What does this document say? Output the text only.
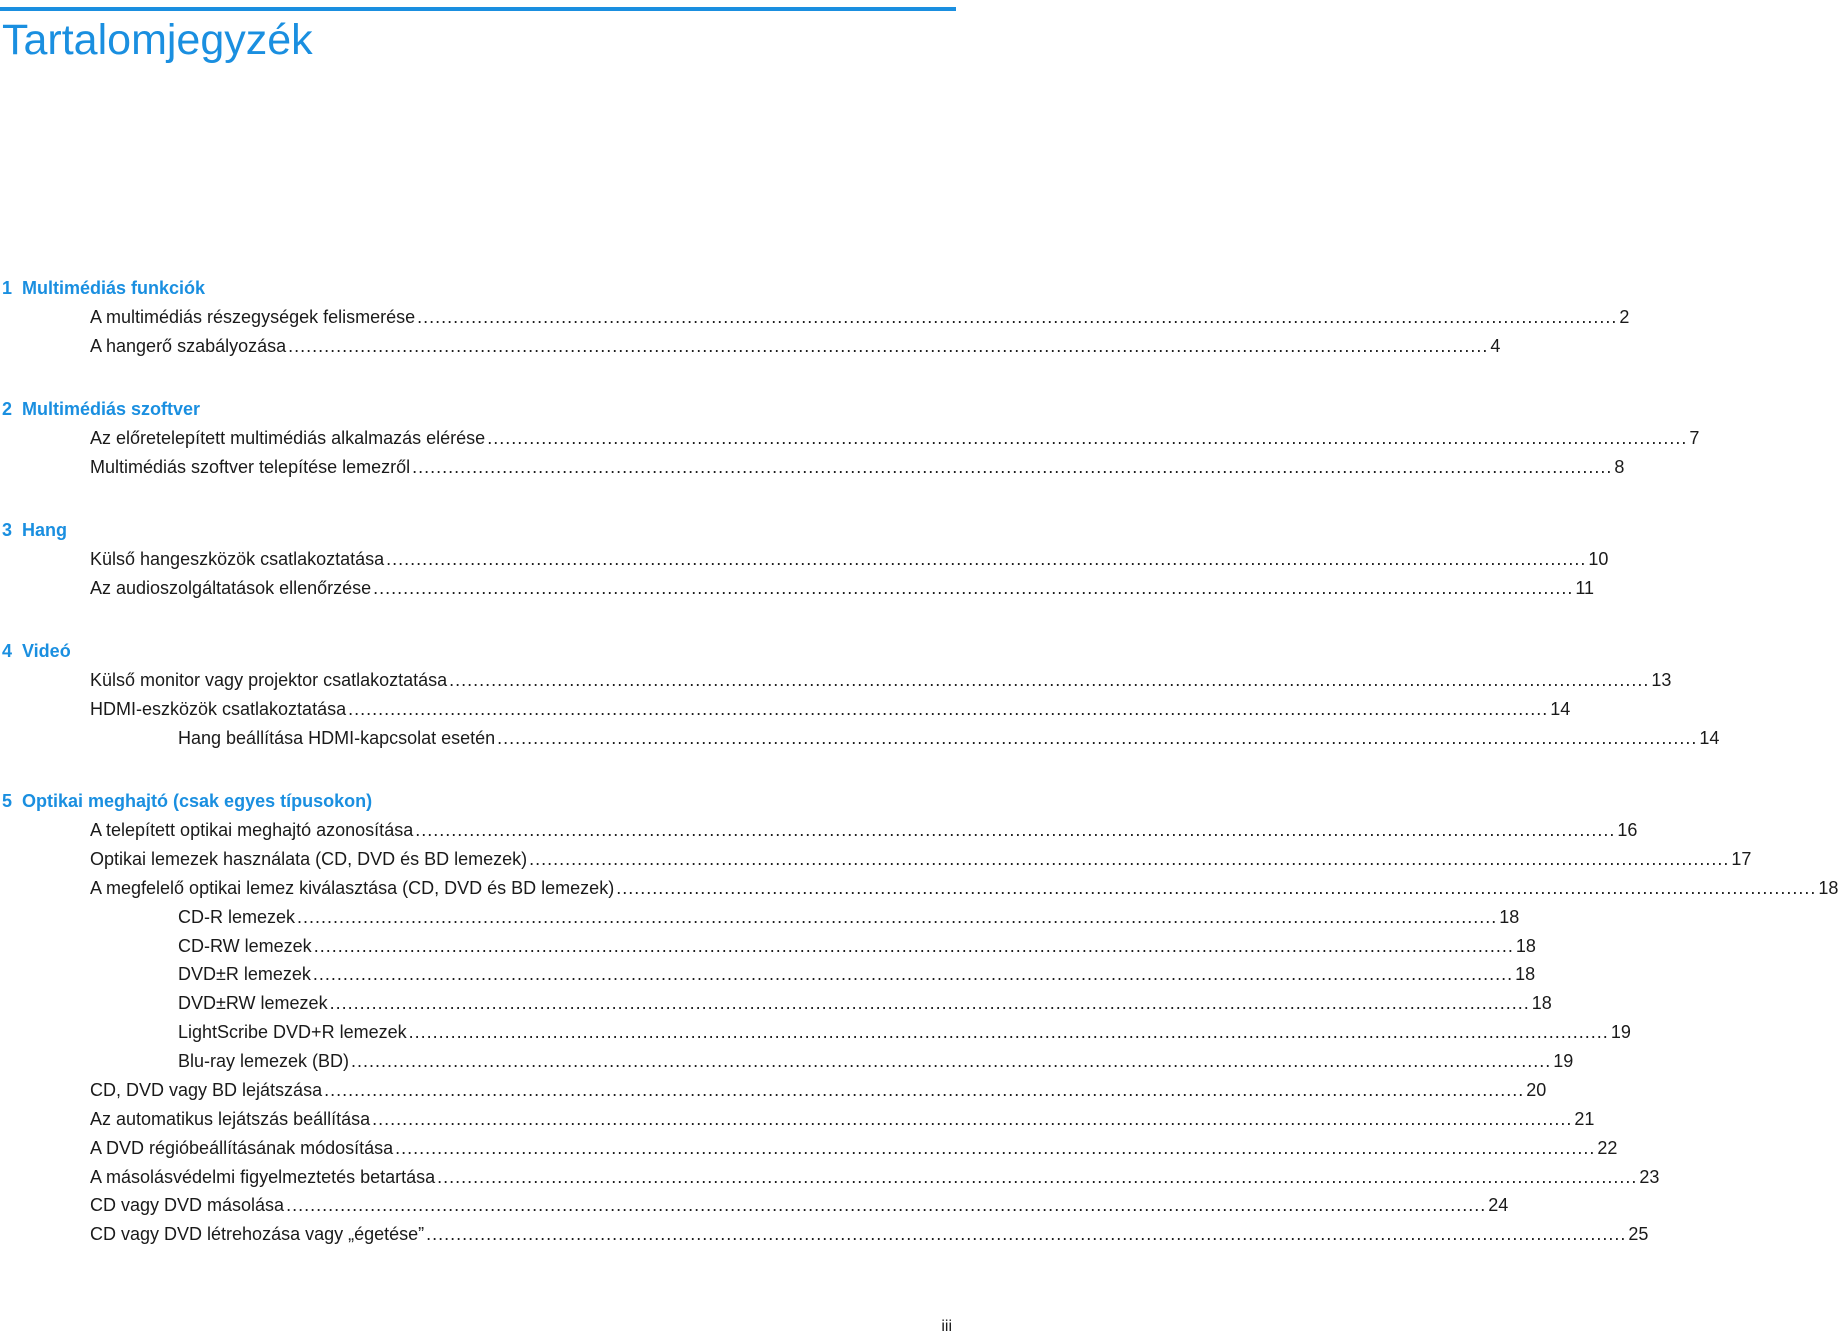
Tartalomjegyzék
1 Multimédiás funkciók
A multimédiás részegységek felismerése ........................................................................................................................................................................................................ 2
A hangerő szabályozása ........................................................................................................................................................................................................ 4
2 Multimédiás szoftver
Az előretelepített multimédiás alkalmazás elérése ........................................................................................................................................................................................................ 7
Multimédiás szoftver telepítése lemezről ........................................................................................................................................................................................................ 8
3 Hang
Külső hangeszközök csatlakoztatása ........................................................................................................................................................................................................ 10
Az audioszolgáltatások ellenőrzése ........................................................................................................................................................................................................ 11
4 Videó
Külső monitor vagy projektor csatlakoztatása ........................................................................................................................................................................................................ 13
HDMI-eszközök csatlakoztatása ........................................................................................................................................................................................................ 14
Hang beállítása HDMI-kapcsolat esetén ........................................................................................................................................................................................................ 14
5 Optikai meghajtó (csak egyes típusokon)
A telepített optikai meghajtó azonosítása ........................................................................................................................................................................................................ 16
Optikai lemezek használata (CD, DVD és BD lemezek) ........................................................................................................................................................................................................ 17
A megfelelő optikai lemez kiválasztása (CD, DVD és BD lemezek) ........................................................................................................................................................................................................ 18
CD-R lemezek ........................................................................................................................................................................................................ 18
CD-RW lemezek ........................................................................................................................................................................................................ 18
DVD±R lemezek ........................................................................................................................................................................................................ 18
DVD±RW lemezek ........................................................................................................................................................................................................ 18
LightScribe DVD+R lemezek ........................................................................................................................................................................................................ 19
Blu-ray lemezek (BD) ........................................................................................................................................................................................................ 19
CD, DVD vagy BD lejátszása ........................................................................................................................................................................................................ 20
Az automatikus lejátszás beállítása ........................................................................................................................................................................................................ 21
A DVD régióbeállításának módosítása ........................................................................................................................................................................................................ 22
A másolásvédelmi figyelmeztetés betartása ........................................................................................................................................................................................................ 23
CD vagy DVD másolása ........................................................................................................................................................................................................ 24
CD vagy DVD létrehozása vagy „égetése” ........................................................................................................................................................................................................ 25
iii
